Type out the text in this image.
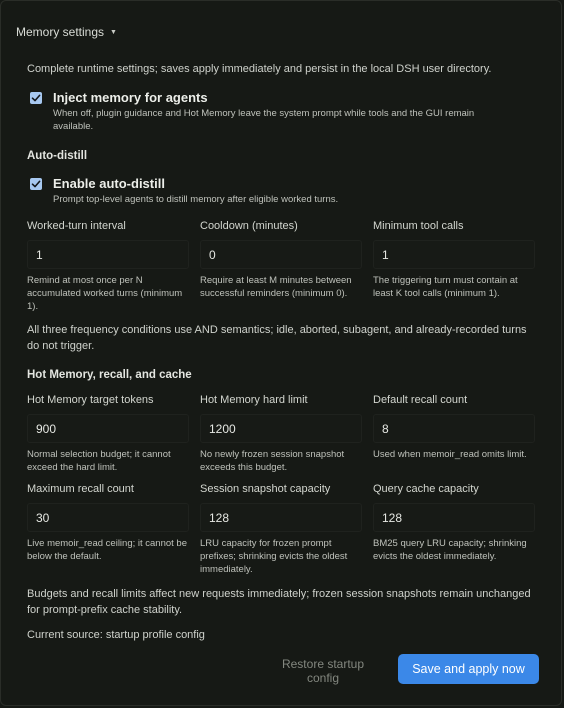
Memory settings ▼
Complete runtime settings; saves apply immediately and persist in the local DSH user directory.
Inject memory for agents
When off, plugin guidance and Hot Memory leave the system prompt while tools and the GUI remain available.
Auto-distill
Enable auto-distill
Prompt top-level agents to distill memory after eligible worked turns.
Worked-turn interval
1
Remind at most once per N accumulated worked turns (minimum 1).
Cooldown (minutes)
0
Require at least M minutes between successful reminders (minimum 0).
Minimum tool calls
1
The triggering turn must contain at least K tool calls (minimum 1).
All three frequency conditions use AND semantics; idle, aborted, subagent, and already-recorded turns do not trigger.
Hot Memory, recall, and cache
Hot Memory target tokens
900
Normal selection budget; it cannot exceed the hard limit.
Hot Memory hard limit
1200
No newly frozen session snapshot exceeds this budget.
Default recall count
8
Used when memoir_read omits limit.
Maximum recall count
30
Live memoir_read ceiling; it cannot be below the default.
Session snapshot capacity
128
LRU capacity for frozen prompt prefixes; shrinking evicts the oldest immediately.
Query cache capacity
128
BM25 query LRU capacity; shrinking evicts the oldest immediately.
Budgets and recall limits affect new requests immediately; frozen session snapshots remain unchanged for prompt-prefix cache stability.
Current source: startup profile config
Restore startup config
Save and apply now
